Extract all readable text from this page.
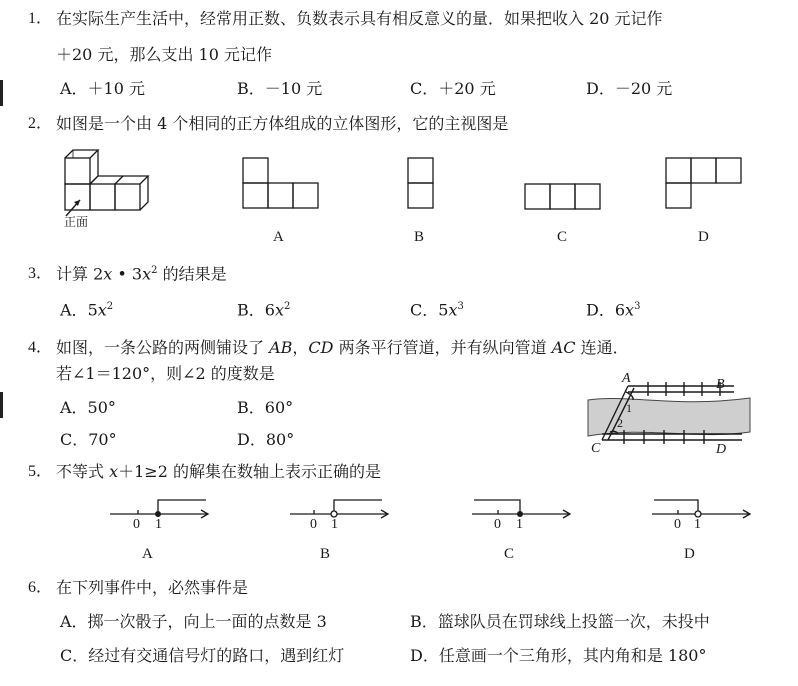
1． 在实际生产生活中，经常用正数、负数表示具有相反意义的量．如果把收入 20 元记作
＋20 元，那么支出 10 元记作
A．＋10 元	B．－10 元	C．＋20 元	D．－20 元
2． 如图是一个由 4 个相同的正方体组成的立体图形，它的主视图是
正面
A	B	C	D
3． 计算 2x • $3x^2$ 的结果是
A．$5x^2$	B．$6x^2$	C．$5x^3$	D．$6x^3$
4． 如图，一条公路的两侧铺设了 AB，CD 两条平行管道，并有纵向管道 AC 连通．
若∠1＝120°，则∠2 的度数是
A．50°	B．60°
C．70°	D．80°
A	B
1
2
C	D
5． 不等式 x＋1≥2 的解集在数轴上表示正确的是
0 1
A
0 1
B
0 1
C
0 1
D
6． 在下列事件中，必然事件是
A．掷一次骰子，向上一面的点数是 3	B．篮球队员在罚球线上投篮一次，未投中
C．经过有交通信号灯的路口，遇到红灯	D．任意画一个三角形，其内角和是 180°
